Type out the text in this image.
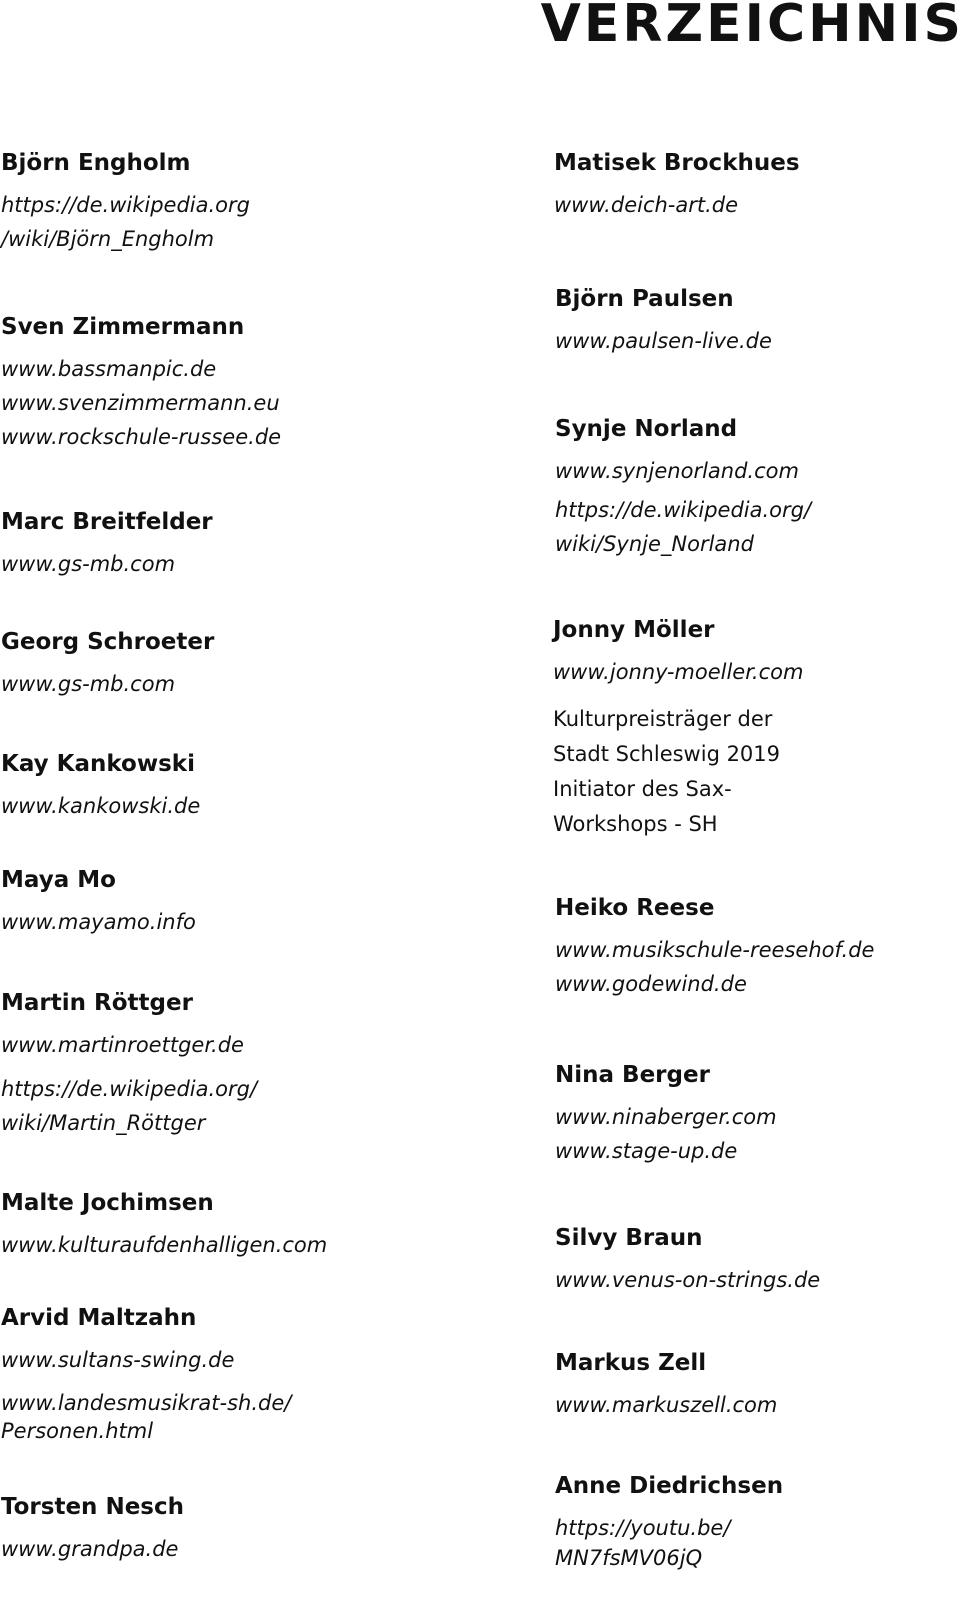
VERZEICHNIS
Björn Engholm
https://de.wikipedia.org
/wiki/Björn_Engholm
Sven Zimmermann
www.bassmanpic.de
www.svenzimmermann.eu
www.rockschule-russee.de
Marc Breitfelder
www.gs-mb.com
Georg Schroeter
www.gs-mb.com
Kay Kankowski
www.kankowski.de
Maya Mo
www.mayamo.info
Martin Röttger
www.martinroettger.de
https://de.wikipedia.org/
wiki/Martin_Röttger
Malte Jochimsen
www.kulturaufdenhalligen.com
Arvid Maltzahn
www.sultans-swing.de
www.landesmusikrat-sh.de/
Personen.html
Torsten Nesch
www.grandpa.de
Matisek Brockhues
www.deich-art.de
Björn Paulsen
www.paulsen-live.de
Synje Norland
www.synjenorland.com
https://de.wikipedia.org/
wiki/Synje_Norland
Jonny Möller
www.jonny-moeller.com
Kulturpreisträger der
Stadt Schleswig 2019
Initiator des Sax-
Workshops - SH
Heiko Reese
www.musikschule-reesehof.de
www.godewind.de
Nina Berger
www.ninaberger.com
www.stage-up.de
Silvy Braun
www.venus-on-strings.de
Markus Zell
www.markuszell.com
Anne Diedrichsen
https://youtu.be/
MN7fsMV06jQ
